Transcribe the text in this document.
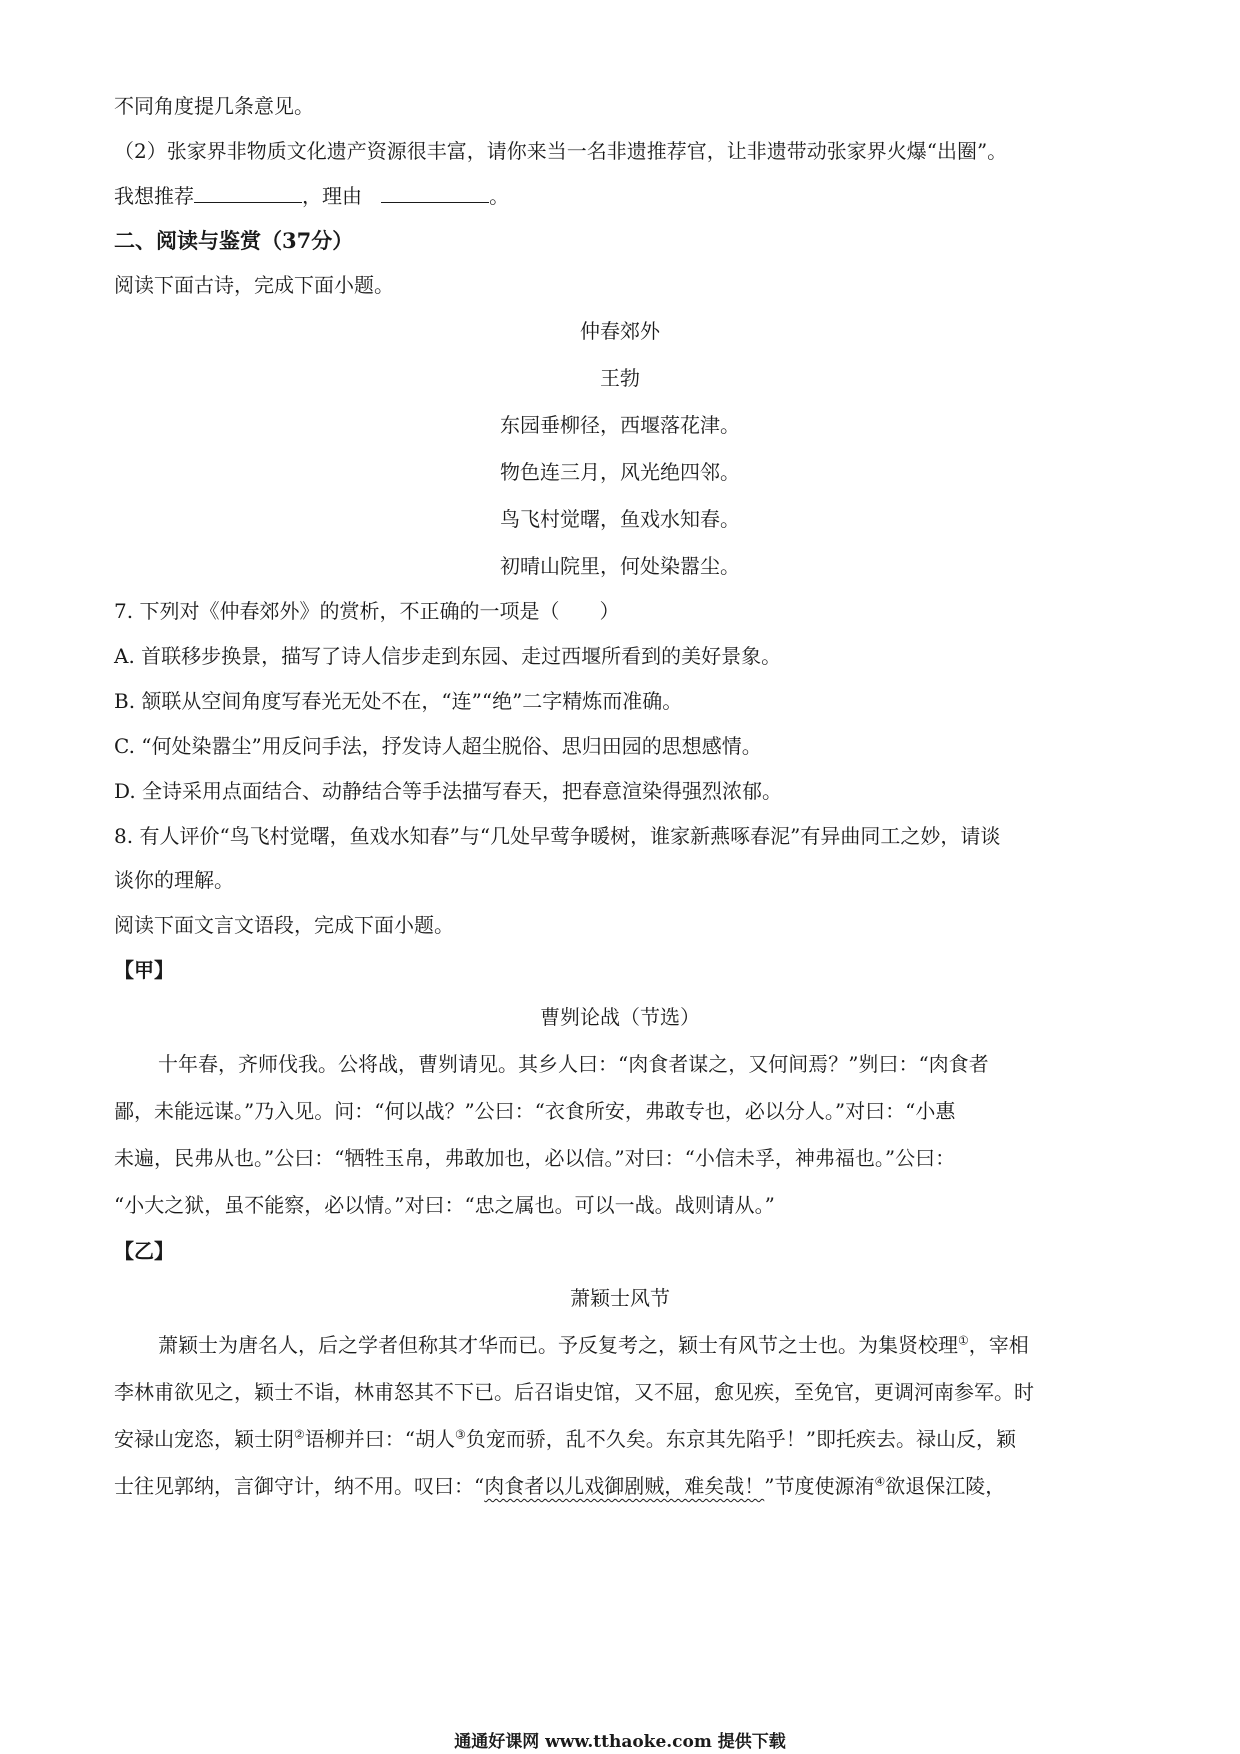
不同角度提几条意见。
（2）张家界非物质文化遗产资源很丰富，请你来当一名非遗推荐官，让非遗带动张家界火爆“出圈”。
我想推荐	，理由	。
二、阅读与鉴赏（37分）
阅读下面古诗，完成下面小题。
仲春郊外
王勃
东园垂柳径，西堰落花津。
物色连三月，风光绝四邻。
鸟飞村觉曙，鱼戏水知春。
初晴山院里，何处染嚣尘。
7. 下列对《仲春郊外》的赏析，不正确的一项是（　　）
A. 首联移步换景，描写了诗人信步走到东园、走过西堰所看到的美好景象。
B. 颔联从空间角度写春光无处不在，“连”“绝”二字精炼而准确。
C. “何处染嚣尘”用反问手法，抒发诗人超尘脱俗、思归田园的思想感情。
D. 全诗采用点面结合、动静结合等手法描写春天，把春意渲染得强烈浓郁。
8. 有人评价“鸟飞村觉曙，鱼戏水知春”与“几处早莺争暖树，谁家新燕啄春泥”有异曲同工之妙，请谈
谈你的理解。
阅读下面文言文语段，完成下面小题。
【甲】
曹刿论战（节选）
十年春，齐师伐我。公将战，曹刿请见。其乡人曰：“肉食者谋之，又何间焉？”刿曰：“肉食者
鄙，未能远谋。”乃入见。问：“何以战？”公曰：“衣食所安，弗敢专也，必以分人。”对曰：“小惠
未遍，民弗从也。”公曰：“牺牲玉帛，弗敢加也，必以信。”对曰：“小信未孚，神弗福也。”公曰：
“小大之狱，虽不能察，必以情。”对曰：“忠之属也。可以一战。战则请从。”
【乙】
萧颖士风节
萧颖士为唐名人，后之学者但称其才华而已。予反复考之，颖士有风节之士也。为集贤校理①，宰相
李林甫欲见之，颖士不诣，林甫怒其不下已。后召诣史馆，又不屈，愈见疾，至免官，更调河南参军。时
安禄山宠恣，颖士阴②语柳并曰：“胡人③负宠而骄，乱不久矣。东京其先陷乎！”即托疾去。禄山反，颖
士往见郭纳，言御守计，纳不用。叹曰：“肉食者以儿戏御剧贼，难矣哉！”节度使源洧④欲退保江陵，
通通好课网 www.tthaoke.com 提供下载
